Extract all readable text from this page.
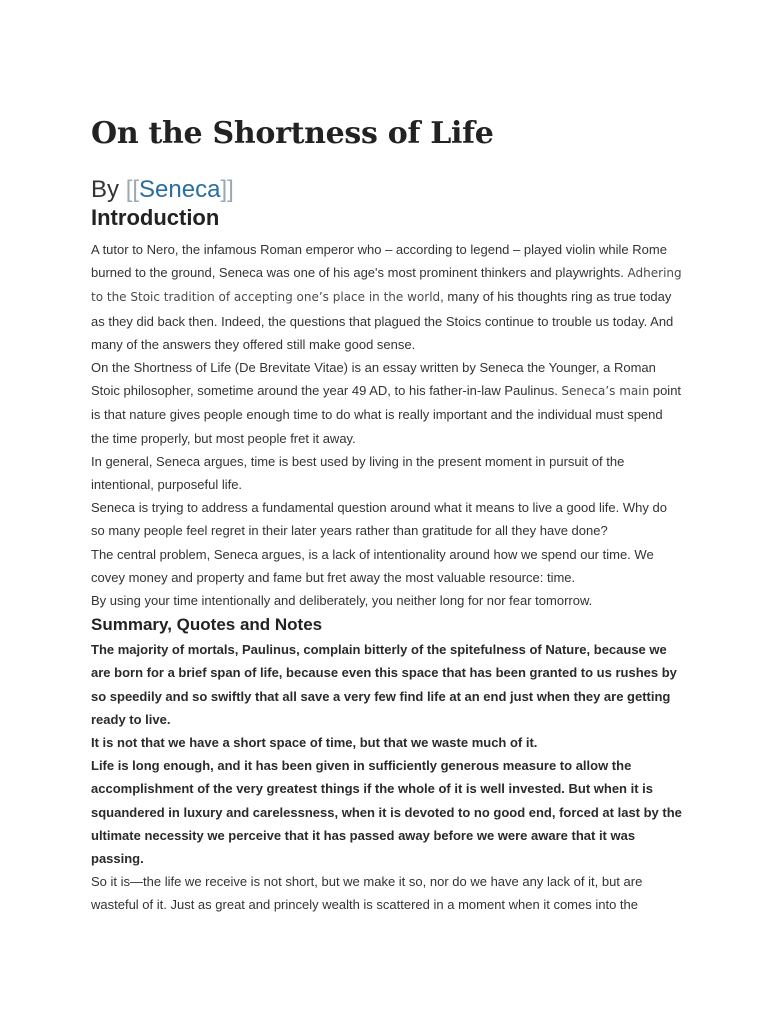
On the Shortness of Life
By [[Seneca]]
Introduction

A tutor to Nero, the infamous Roman emperor who – according to legend – played violin while Rome burned to the ground, Seneca was one of his age's most prominent thinkers and playwrights. Adhering to the Stoic tradition of accepting one’s place in the world, many of his thoughts ring as true today as they did back then. Indeed, the questions that plagued the Stoics continue to trouble us today. And many of the answers they offered still make good sense.

On the Shortness of Life (De Brevitate Vitae) is an essay written by Seneca the Younger, a Roman Stoic philosopher, sometime around the year 49 AD, to his father-in-law Paulinus. Seneca’s main point is that nature gives people enough time to do what is really important and the individual must spend the time properly, but most people fret it away.

In general, Seneca argues, time is best used by living in the present moment in pursuit of the intentional, purposeful life.

Seneca is trying to address a fundamental question around what it means to live a good life. Why do so many people feel regret in their later years rather than gratitude for all they have done?

The central problem, Seneca argues, is a lack of intentionality around how we spend our time. We covey money and property and fame but fret away the most valuable resource: time.

By using your time intentionally and deliberately, you neither long for nor fear tomorrow.

Summary, Quotes and Notes

The majority of mortals, Paulinus, complain bitterly of the spitefulness of Nature, because we are born for a brief span of life, because even this space that has been granted to us rushes by so speedily and so swiftly that all save a very few find life at an end just when they are getting ready to live.

It is not that we have a short space of time, but that we waste much of it.

Life is long enough, and it has been given in sufficiently generous measure to allow the accomplishment of the very greatest things if the whole of it is well invested. But when it is squandered in luxury and carelessness, when it is devoted to no good end, forced at last by the ultimate necessity we perceive that it has passed away before we were aware that it was passing.

So it is—the life we receive is not short, but we make it so, nor do we have any lack of it, but are wasteful of it. Just as great and princely wealth is scattered in a moment when it comes into the
